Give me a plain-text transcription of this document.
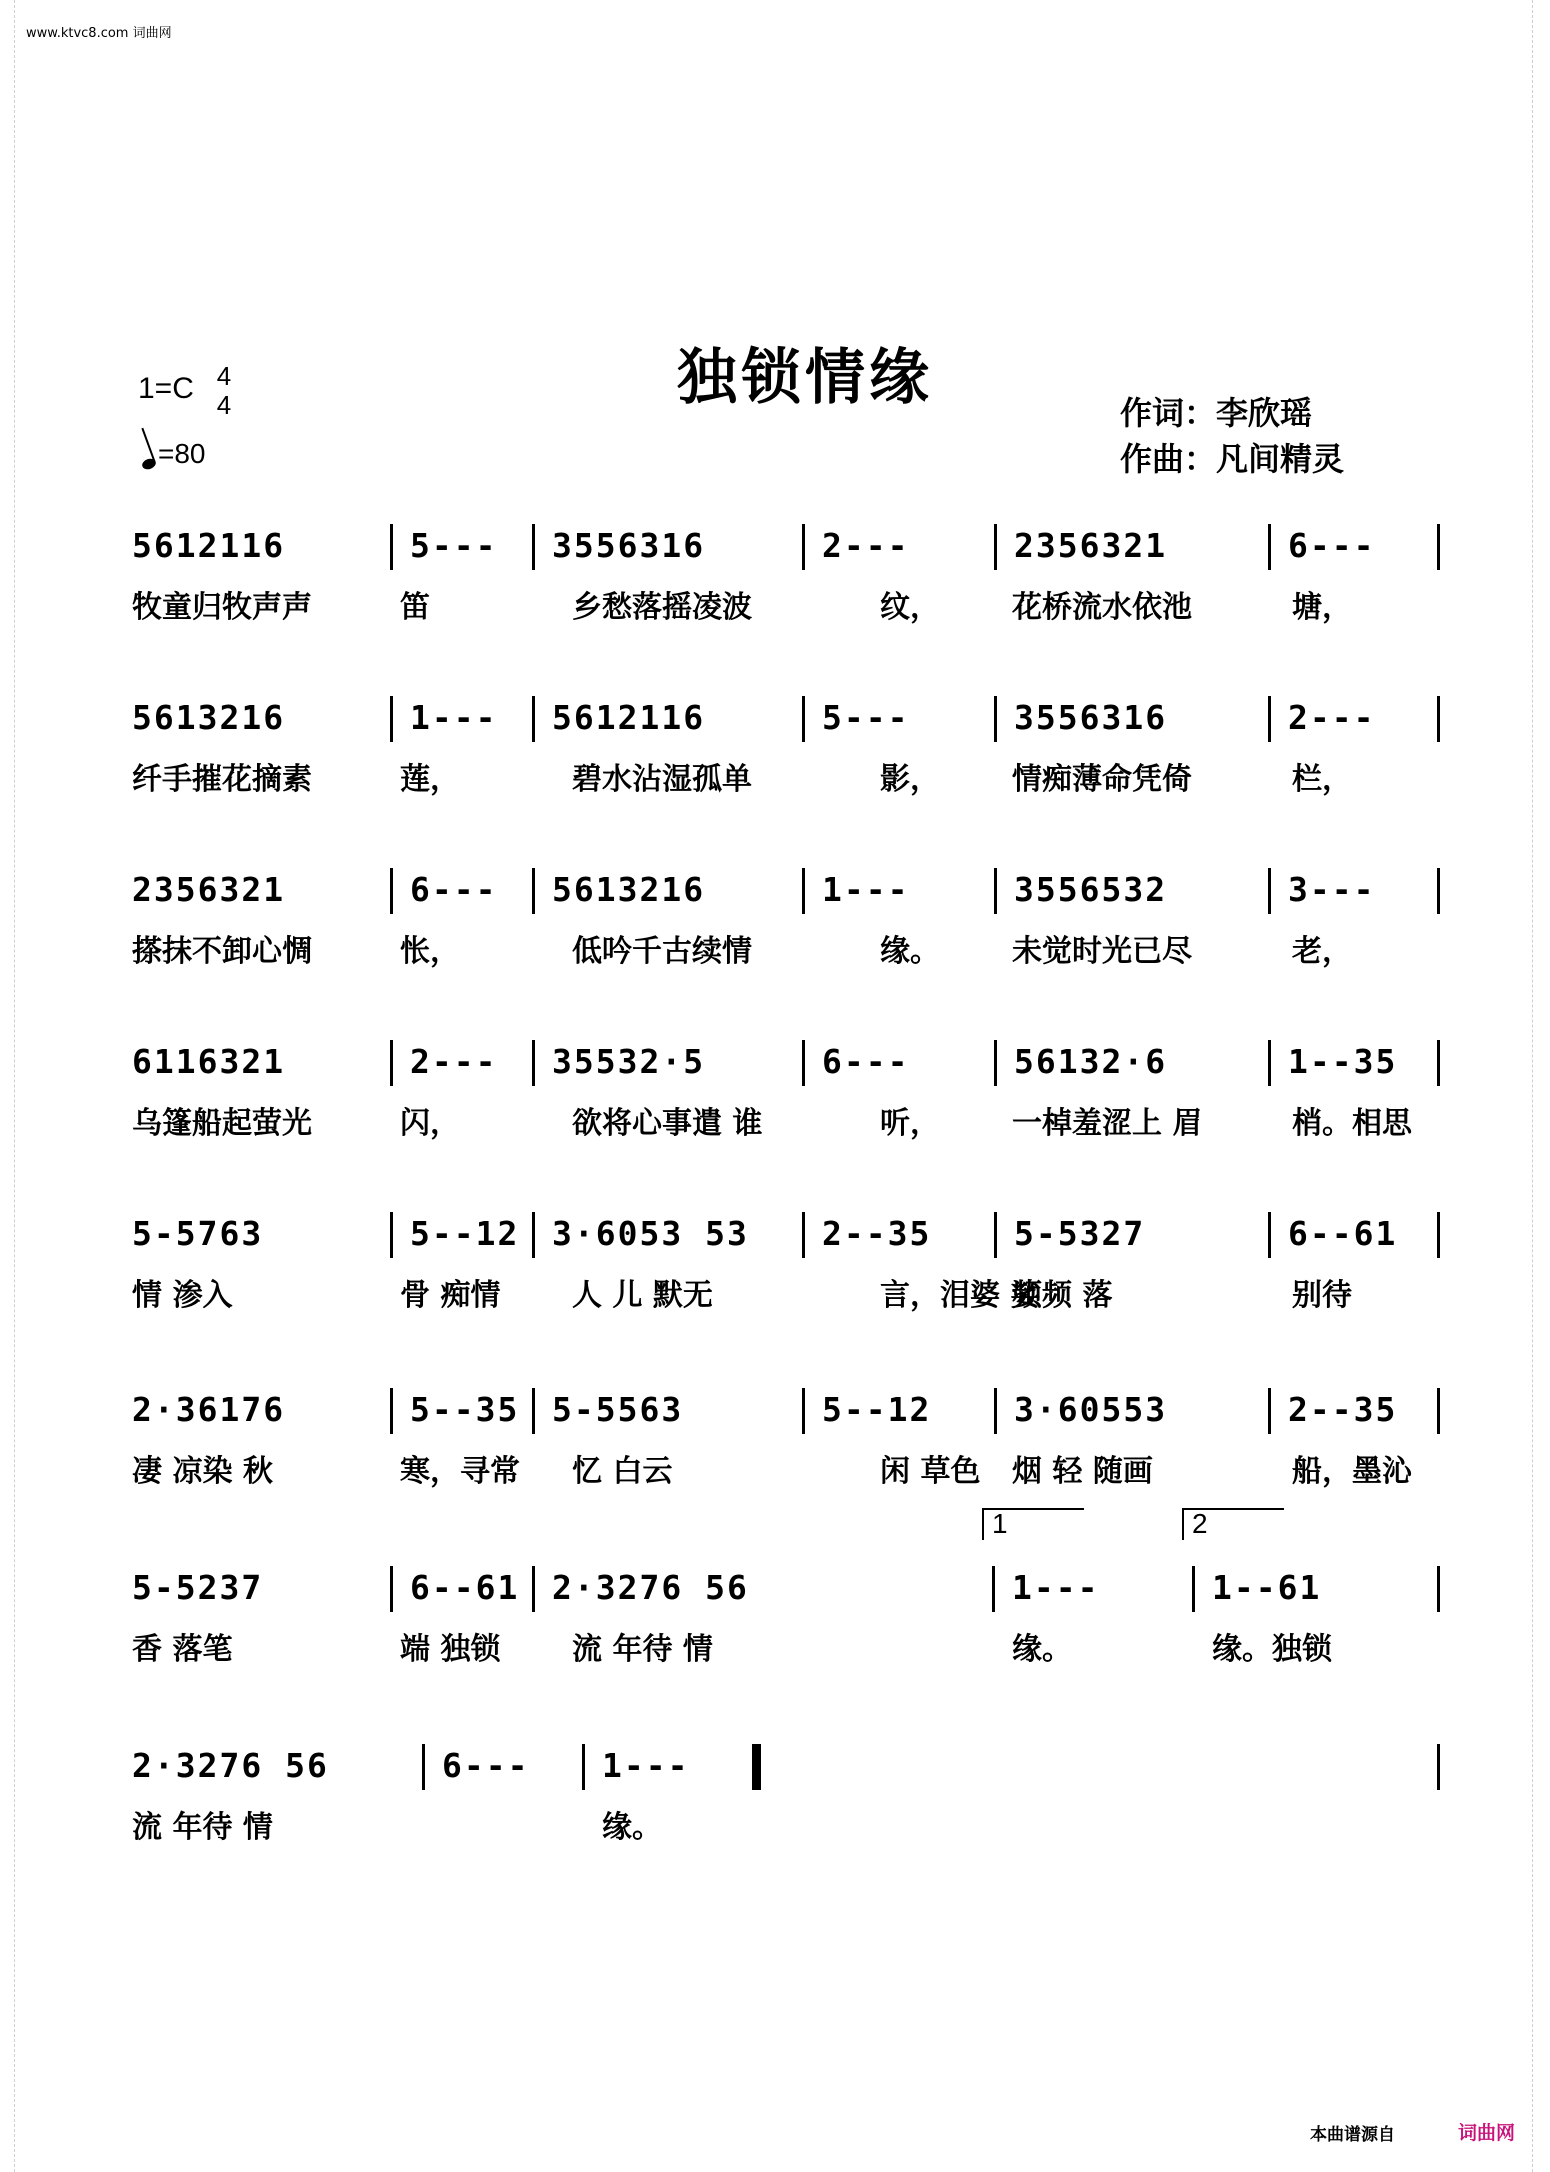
www.ktvc8.com 词曲网
独锁情缘
1=C 4
4
=80
作词：李欣瑶
作曲：凡间精灵
5612116
牧童归牧声声
5---
笛
3556316
乡愁落摇凌波
2---
纹，
2356321
花桥流水依池
6---
塘，
5613216
纤手摧花摘素
1---
莲，
5612116
碧水沾湿孤单
5---
影，
3556316
情痴薄命凭倚
2---
栏，
2356321
搽抹不卸心惆
6---
怅，
5613216
低吟千古续情
1---
缘。
3556532
未觉时光已尽
3---
老，
6116321
乌篷船起萤光
2---
闪，
35532·5
欲将心事遣 谁
6---
听，
56132·6
一棹羞涩上 眉
1--35
梢。相思
5-5763
情 渗入
5--12
骨 痴情
3·6053 53
人 儿 默无
2--35
言，泪婆 娑
5-5327
频频 落
6--61
别待
2·36176
凄 凉染 秋
5--35
寒，寻常
5-5563
忆 白云
5--12
闲 草色
3·60553
烟 轻 随画
2--35
船，墨沁
5-5237
香 落笔
6--61
端 独锁
2·3276 56
流 年待 情
1---
缘。
1--61
缘。独锁
1	2
2·3276 56
流 年待 情
6--- 1---
缘。
本曲谱源自	词曲网
